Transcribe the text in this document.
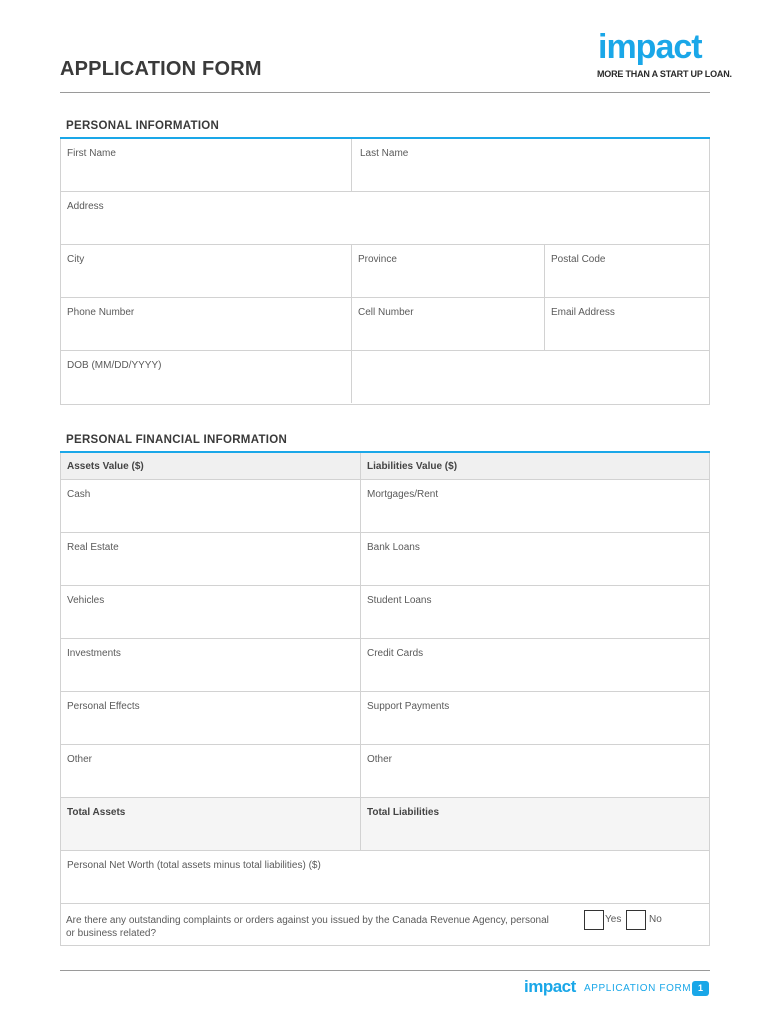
APPLICATION FORM
impact
MORE THAN A START UP LOAN.
PERSONAL INFORMATION
First Name	Last Name
Address
City	Province	Postal Code
Phone Number	Cell Number	Email Address
DOB (MM/DD/YYYY)
PERSONAL FINANCIAL INFORMATION
Assets Value ($)	Liabilities Value ($)
Cash	Mortgages/Rent
Real Estate	Bank Loans
Vehicles	Student Loans
Investments	Credit Cards
Personal Effects	Support Payments
Other	Other
Total Assets	Total Liabilities
Personal Net Worth (total assets minus total liabilities) ($)
Are there any outstanding complaints or orders against you issued by the Canada Revenue Agency, personal or business related?
Yes	No
impact APPLICATION FORM 1
